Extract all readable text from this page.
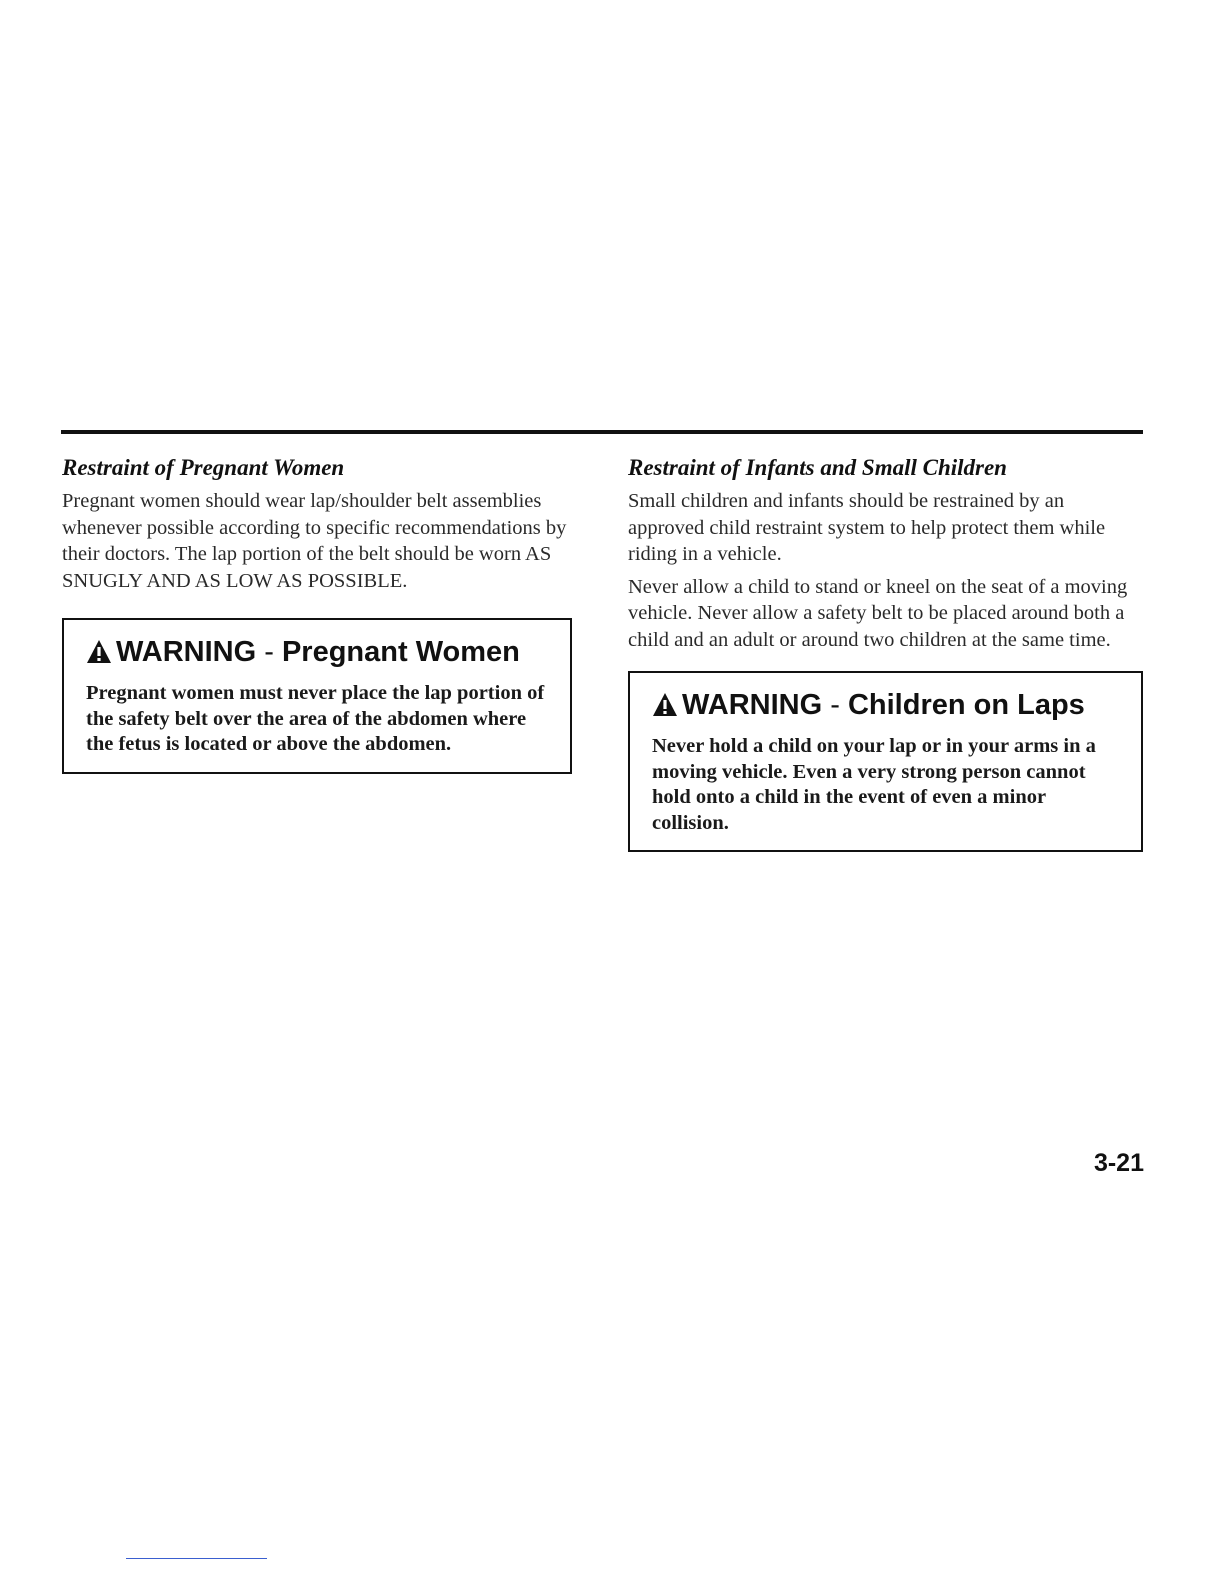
Restraint of Pregnant Women

Pregnant women should wear lap/shoulder belt assemblies whenever possible according to specific recommendations by their doctors. The lap portion of the belt should be worn AS SNUGLY AND AS LOW AS POSSIBLE.

WARNING - Pregnant Women

Pregnant women must never place the lap portion of the safety belt over the area of the abdomen where the fetus is located or above the abdomen.

Restraint of Infants and Small Children

Small children and infants should be restrained by an approved child restraint system to help protect them while riding in a vehicle.

Never allow a child to stand or kneel on the seat of a moving vehicle. Never allow a safety belt to be placed around both a child and an adult or around two children at the same time.

WARNING - Children on Laps

Never hold a child on your lap or in your arms in a moving vehicle. Even a very strong person cannot hold onto a child in the event of even a minor collision.

3-21
